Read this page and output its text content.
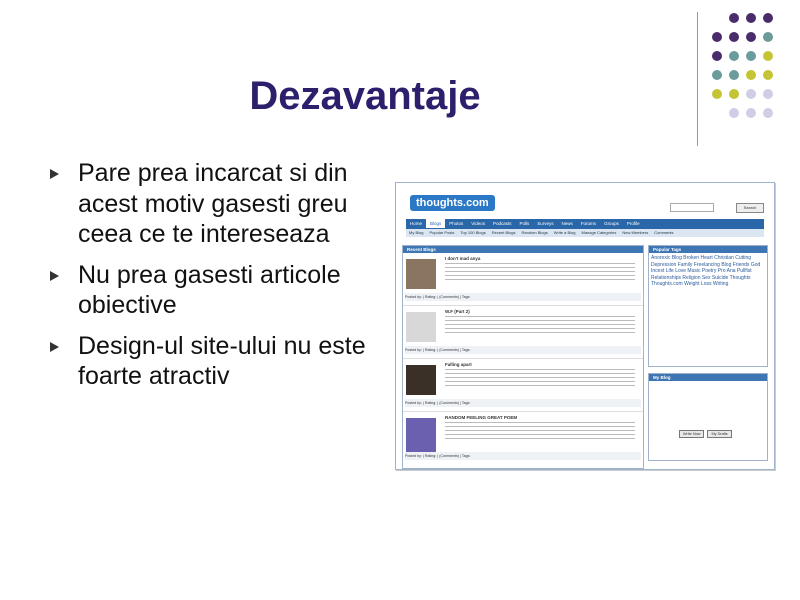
Dezavantaje
Pare prea incarcat si din acest motiv gasesti greu ceea ce te intereseaza
Nu prea gasesti articole obiective
Design-ul site-ului nu este foarte atractiv
thoughts.com	Search
Home Blogs Photos Videos Podcasts Polls Surveys News Forums Groups Profile
My Blog Popular Posts Top 100 Blogs Recent Blogs Random Blogs Write a Blog Manage Categories New Members Comments
Recent Blogs
I don't mad anya
Posted by: | Rating: | (Comments) | Tags:
W.F (Part 2)
Posted by: | Rating: | (Comments) | Tags:
Falling apart
Posted by: | Rating: | (Comments) | Tags:
RANDOM FEELING GREAT POEM
Posted by: | Rating: | (Comments) | Tags:
Popular Tags
Anorexic Blog Broken Heart Christian Cutting Depression Family Freelancing Blog Friends God Incest Life Love Music Poetry Pro Ana Pullfist Relationships Religion Sex Suicide Thoughts Thoughts.com Weight Loss Writing
My Blog
Write Now	My Drafts
